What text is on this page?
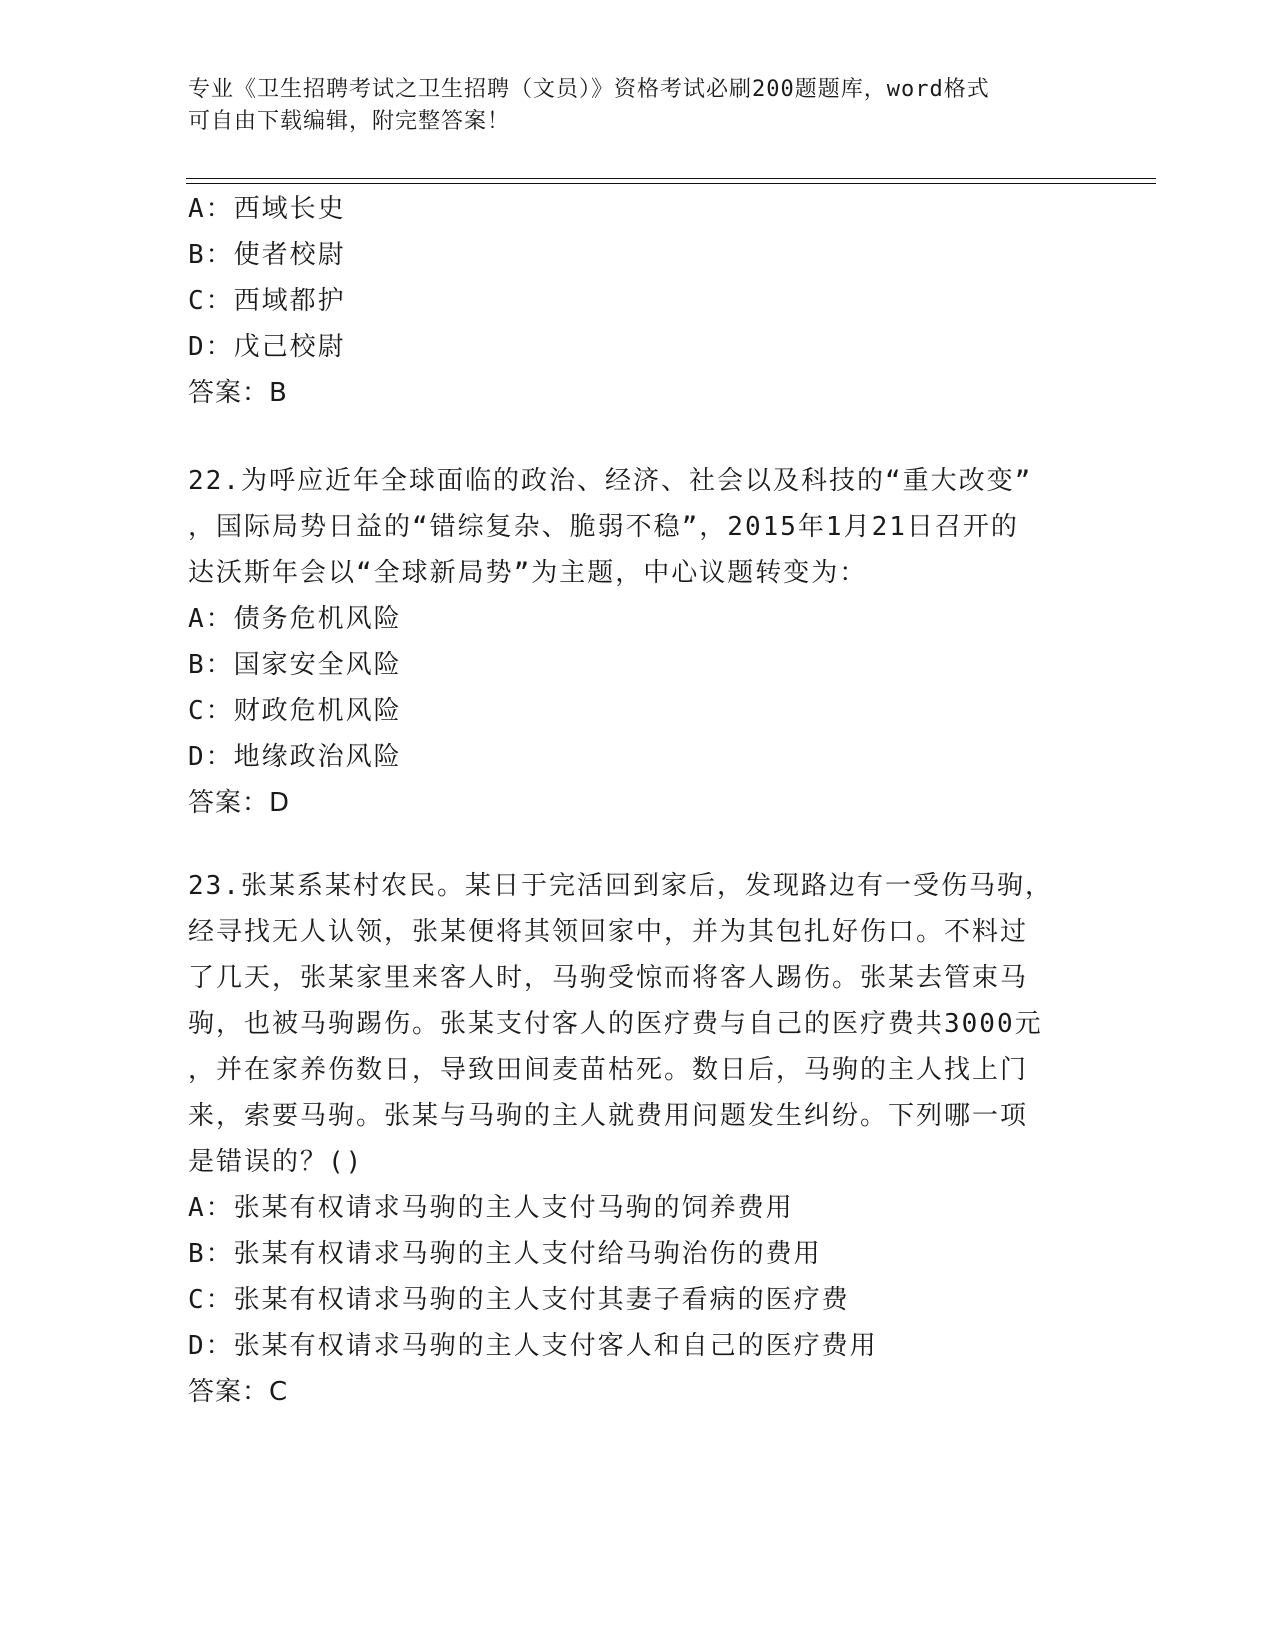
专业《卫生招聘考试之卫生招聘（文员）》资格考试必刷200题题库，word格式
可自由下载编辑，附完整答案！
A：西域长史
B：使者校尉
C：西域都护
D：戊己校尉
答案：B
22.为呼应近年全球面临的政治、经济、社会以及科技的“重大改变”
，国际局势日益的“错综复杂、脆弱不稳”，2015年1月21日召开的
达沃斯年会以“全球新局势”为主题，中心议题转变为：
A：债务危机风险
B：国家安全风险
C：财政危机风险
D：地缘政治风险
答案：D
23.张某系某村农民。某日于完活回到家后，发现路边有一受伤马驹，
经寻找无人认领，张某便将其领回家中，并为其包扎好伤口。不料过
了几天，张某家里来客人时，马驹受惊而将客人踢伤。张某去管束马
驹，也被马驹踢伤。张某支付客人的医疗费与自己的医疗费共3000元
，并在家养伤数日，导致田间麦苗枯死。数日后，马驹的主人找上门
来，索要马驹。张某与马驹的主人就费用问题发生纠纷。下列哪一项
是错误的？()
A：张某有权请求马驹的主人支付马驹的饲养费用
B：张某有权请求马驹的主人支付给马驹治伤的费用
C：张某有权请求马驹的主人支付其妻子看病的医疗费
D：张某有权请求马驹的主人支付客人和自己的医疗费用
答案：C
